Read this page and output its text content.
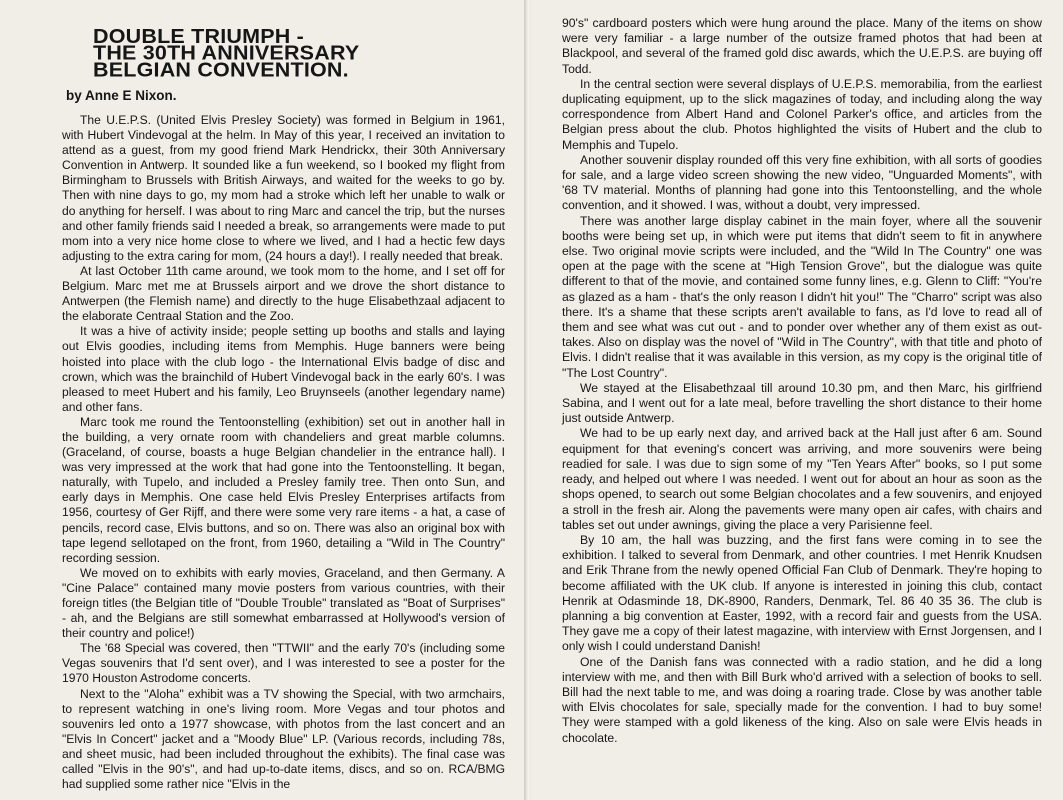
DOUBLE TRIUMPH -
THE 30TH ANNIVERSARY
BELGIAN CONVENTION.
by Anne E Nixon.

The U.E.P.S. (United Elvis Presley Society) was formed in Belgium in 1961, with Hubert Vindevogal at the helm. In May of this year, I received an invitation to attend as a guest, from my good friend Mark Hendrickx, their 30th Anniversary Convention in Antwerp. It sounded like a fun weekend, so I booked my flight from Birmingham to Brussels with British Airways, and waited for the weeks to go by. Then with nine days to go, my mom had a stroke which left her unable to walk or do anything for herself. I was about to ring Marc and cancel the trip, but the nurses and other family friends said I needed a break, so arrangements were made to put mom into a very nice home close to where we lived, and I had a hectic few days adjusting to the extra caring for mom, (24 hours a day!). I really needed that break.

At last October 11th came around, we took mom to the home, and I set off for Belgium. Marc met me at Brussels airport and we drove the short distance to Antwerpen (the Flemish name) and directly to the huge Elisabethzaal adjacent to the elaborate Centraal Station and the Zoo.

It was a hive of activity inside; people setting up booths and stalls and laying out Elvis goodies, including items from Memphis. Huge banners were being hoisted into place with the club logo - the International Elvis badge of disc and crown, which was the brainchild of Hubert Vindevogal back in the early 60's. I was pleased to meet Hubert and his family, Leo Bruynseels (another legendary name) and other fans.

Marc took me round the Tentoonstelling (exhibition) set out in another hall in the building, a very ornate room with chandeliers and great marble columns. (Graceland, of course, boasts a huge Belgian chandelier in the entrance hall). I was very impressed at the work that had gone into the Tentoonstelling. It began, naturally, with Tupelo, and included a Presley family tree. Then onto Sun, and early days in Memphis. One case held Elvis Presley Enterprises artifacts from 1956, courtesy of Ger Rijff, and there were some very rare items - a hat, a case of pencils, record case, Elvis buttons, and so on. There was also an original box with tape legend sellotaped on the front, from 1960, detailing a "Wild in The Country" recording session.

We moved on to exhibits with early movies, Graceland, and then Germany. A "Cine Palace" contained many movie posters from various countries, with their foreign titles (the Belgian title of "Double Trouble" translated as "Boat of Surprises" - ah, and the Belgians are still somewhat embarrassed at Hollywood's version of their country and police!)

The '68 Special was covered, then "TTWII" and the early 70's (including some Vegas souvenirs that I'd sent over), and I was interested to see a poster for the 1970 Houston Astrodome concerts.

Next to the "Aloha" exhibit was a TV showing the Special, with two armchairs, to represent watching in one's living room. More Vegas and tour photos and souvenirs led onto a 1977 showcase, with photos from the last concert and an "Elvis In Concert" jacket and a "Moody Blue" LP. (Various records, including 78s, and sheet music, had been included throughout the exhibits). The final case was called "Elvis in the 90's", and had up-to-date items, discs, and so on. RCA/BMG had supplied some rather nice "Elvis in the

90's" cardboard posters which were hung around the place. Many of the items on show were very familiar - a large number of the outsize framed photos that had been at Blackpool, and several of the framed gold disc awards, which the U.E.P.S. are buying off Todd.

In the central section were several displays of U.E.P.S. memorabilia, from the earliest duplicating equipment, up to the slick magazines of today, and including along the way correspondence from Albert Hand and Colonel Parker's office, and articles from the Belgian press about the club. Photos highlighted the visits of Hubert and the club to Memphis and Tupelo.

Another souvenir display rounded off this very fine exhibition, with all sorts of goodies for sale, and a large video screen showing the new video, "Unguarded Moments", with '68 TV material. Months of planning had gone into this Tentoonstelling, and the whole convention, and it showed. I was, without a doubt, very impressed.

There was another large display cabinet in the main foyer, where all the souvenir booths were being set up, in which were put items that didn't seem to fit in anywhere else. Two original movie scripts were included, and the "Wild In The Country" one was open at the page with the scene at "High Tension Grove", but the dialogue was quite different to that of the movie, and contained some funny lines, e.g. Glenn to Cliff: "You're as glazed as a ham - that's the only reason I didn't hit you!" The "Charro" script was also there. It's a shame that these scripts aren't available to fans, as I'd love to read all of them and see what was cut out - and to ponder over whether any of them exist as out-takes. Also on display was the novel of "Wild in The Country", with that title and photo of Elvis. I didn't realise that it was available in this version, as my copy is the original title of "The Lost Country".

We stayed at the Elisabethzaal till around 10.30 pm, and then Marc, his girlfriend Sabina, and I went out for a late meal, before travelling the short distance to their home just outside Antwerp.

We had to be up early next day, and arrived back at the Hall just after 6 am. Sound equipment for that evening's concert was arriving, and more souvenirs were being readied for sale. I was due to sign some of my "Ten Years After" books, so I put some ready, and helped out where I was needed. I went out for about an hour as soon as the shops opened, to search out some Belgian chocolates and a few souvenirs, and enjoyed a stroll in the fresh air. Along the pavements were many open air cafes, with chairs and tables set out under awnings, giving the place a very Parisienne feel.

By 10 am, the hall was buzzing, and the first fans were coming in to see the exhibition. I talked to several from Denmark, and other countries. I met Henrik Knudsen and Erik Thrane from the newly opened Official Fan Club of Denmark. They're hoping to become affiliated with the UK club. If anyone is interested in joining this club, contact Henrik at Odasminde 18, DK-8900, Randers, Denmark, Tel. 86 40 35 36. The club is planning a big convention at Easter, 1992, with a record fair and guests from the USA. They gave me a copy of their latest magazine, with interview with Ernst Jorgensen, and I only wish I could understand Danish!

One of the Danish fans was connected with a radio station, and he did a long interview with me, and then with Bill Burk who'd arrived with a selection of books to sell. Bill had the next table to me, and was doing a roaring trade. Close by was another table with Elvis chocolates for sale, specially made for the convention. I had to buy some! They were stamped with a gold likeness of the king. Also on sale were Elvis heads in chocolate.
